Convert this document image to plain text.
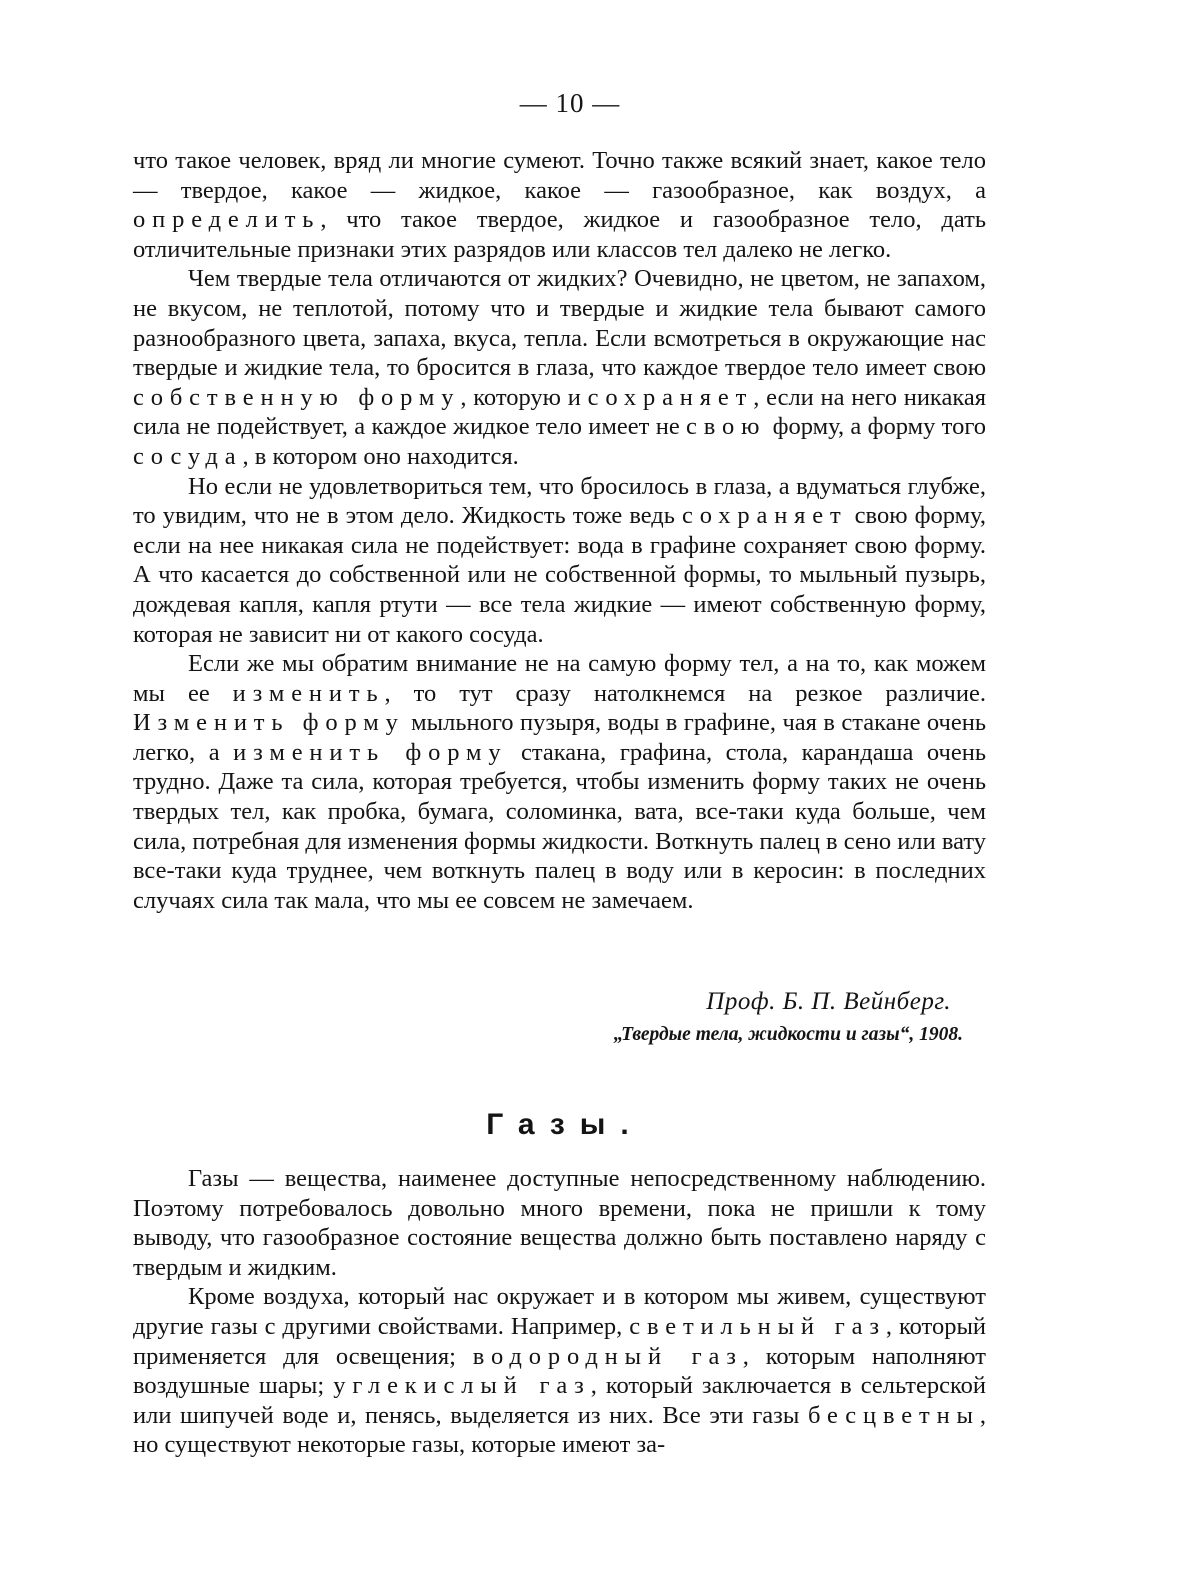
— 10 —

что такое человек, вряд ли многие сумеют. Точно также всякий знает, какое тело — твердое, какое — жидкое, какое — газообразное, как воздух, а определить, что такое твердое, жидкое и газообразное тело, дать отличительные признаки этих разрядов или классов тел далеко не легко.

Чем твердые тела отличаются от жидких? Очевидно, не цветом, не запахом, не вкусом, не теплотой, потому что и твердые и жидкие тела бывают самого разнообразного цвета, запаха, вкуса, тепла. Если всмотреться в окружающие нас твердые и жидкие тела, то бросится в глаза, что каждое твердое тело имеет свою собственную форму, которую и сохраняет, если на него никакая сила не подействует, а каждое жидкое тело имеет не свою форму, а форму того сосуда, в котором оно находится.

Но если не удовлетвориться тем, что бросилось в глаза, а вдуматься глубже, то увидим, что не в этом дело. Жидкость тоже ведь сохраняет свою форму, если на нее никакая сила не подействует: вода в графине сохраняет свою форму. А что касается до собственной или не собственной формы, то мыльный пузырь, дождевая капля, капля ртути — все тела жидкие — имеют собственную форму, которая не зависит ни от какого сосуда.

Если же мы обратим внимание не на самую форму тел, а на то, как можем мы ее изменить, то тут сразу натолкнемся на резкое различие. Изменить форму мыльного пузыря, воды в графине, чая в стакане очень легко, а изменить форму стакана, графина, стола, карандаша очень трудно. Даже та сила, которая требуется, чтобы изменить форму таких не очень твердых тел, как пробка, бумага, соломинка, вата, все-таки куда больше, чем сила, потребная для изменения формы жидкости. Воткнуть палец в сено или вату все-таки куда труднее, чем воткнуть палец в воду или в керосин: в последних случаях сила так мала, что мы ее совсем не замечаем.

Проф. Б. П. Вейнберг.
„Твердые тела, жидкости и газы“, 1908.
Газы.

Газы — вещества, наименее доступные непосредственному наблюдению. Поэтому потребовалось довольно много времени, пока не пришли к тому выводу, что газообразное состояние вещества должно быть поставлено наряду с твердым и жидким.

Кроме воздуха, который нас окружает и в котором мы живем, существуют другие газы с другими свойствами. Например, светильный газ, который применяется для освещения; водородный газ, которым наполняют воздушные шары; углекислый газ, который заключается в сельтерской или шипучей воде и, пенясь, выделяется из них. Все эти газы бесцветны, но существуют некоторые газы, которые имеют за-
